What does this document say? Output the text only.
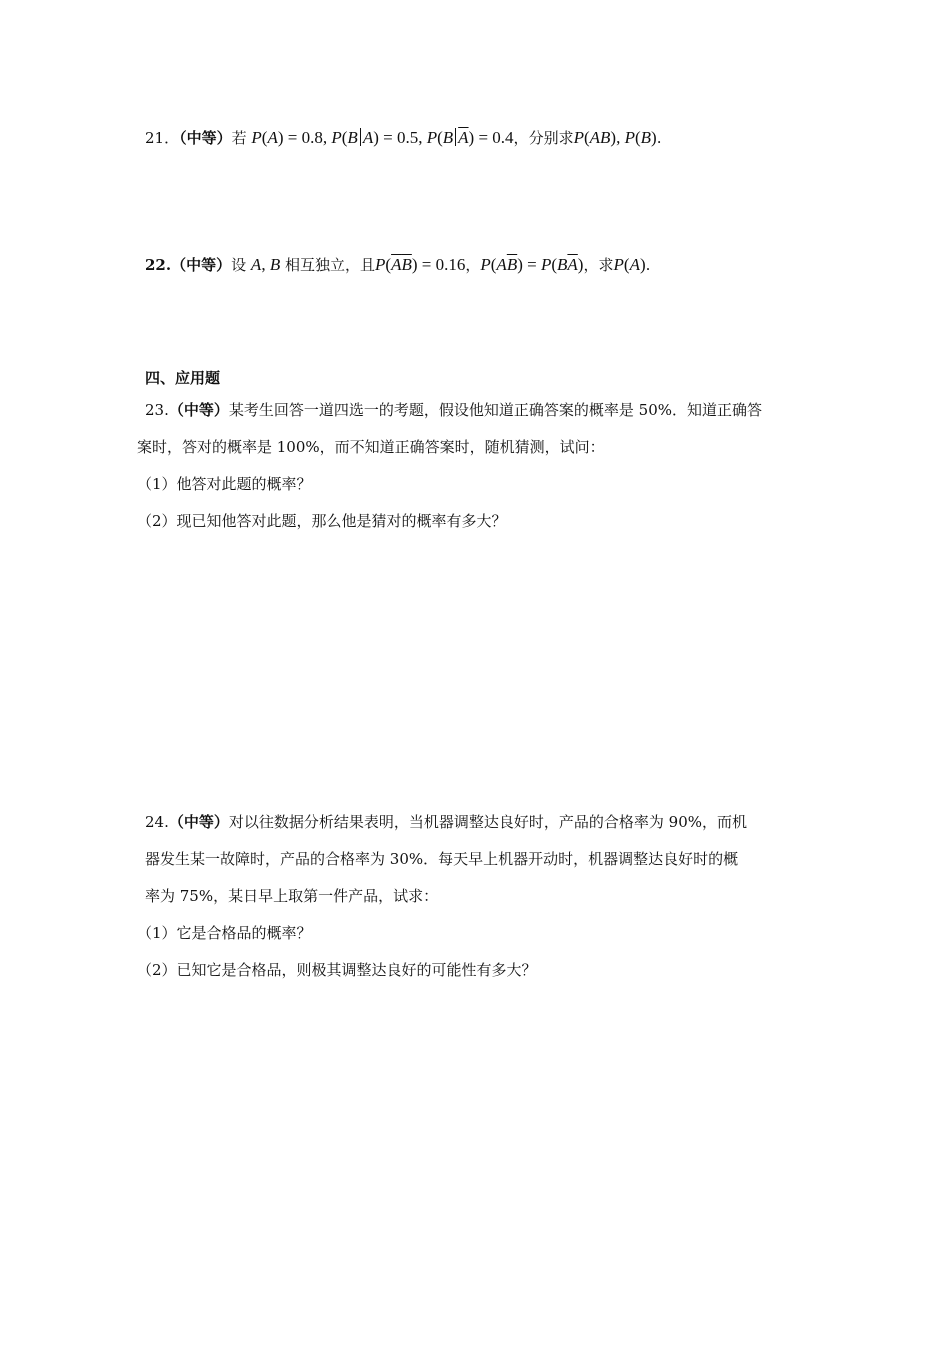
21．（中等）若 P(A) = 0.8, P(B A) = 0.5, P(B $\overline{A}) = 0.4$，分别求P(AB), P(B).
22.（中等）设 A, B 相互独立，且$P(\overline{A}\overline{B}) = 0.16$，$P(A\overline{B}) = P(B\overline{A})$，求P(A).
四、应用题
23.（中等）某考生回答一道四选一的考题，假设他知道正确答案的概率是 50%．知道正确答
案时，答对的概率是 100%，而不知道正确答案时，随机猜测，试问：
（1）他答对此题的概率？
（2）现已知他答对此题，那么他是猜对的概率有多大？
24.（中等）对以往数据分析结果表明，当机器调整达良好时，产品的合格率为 90%，而机
器发生某一故障时，产品的合格率为 30%．每天早上机器开动时，机器调整达良好时的概
率为 75%，某日早上取第一件产品，试求：
（1）它是合格品的概率？
（2）已知它是合格品，则极其调整达良好的可能性有多大？
